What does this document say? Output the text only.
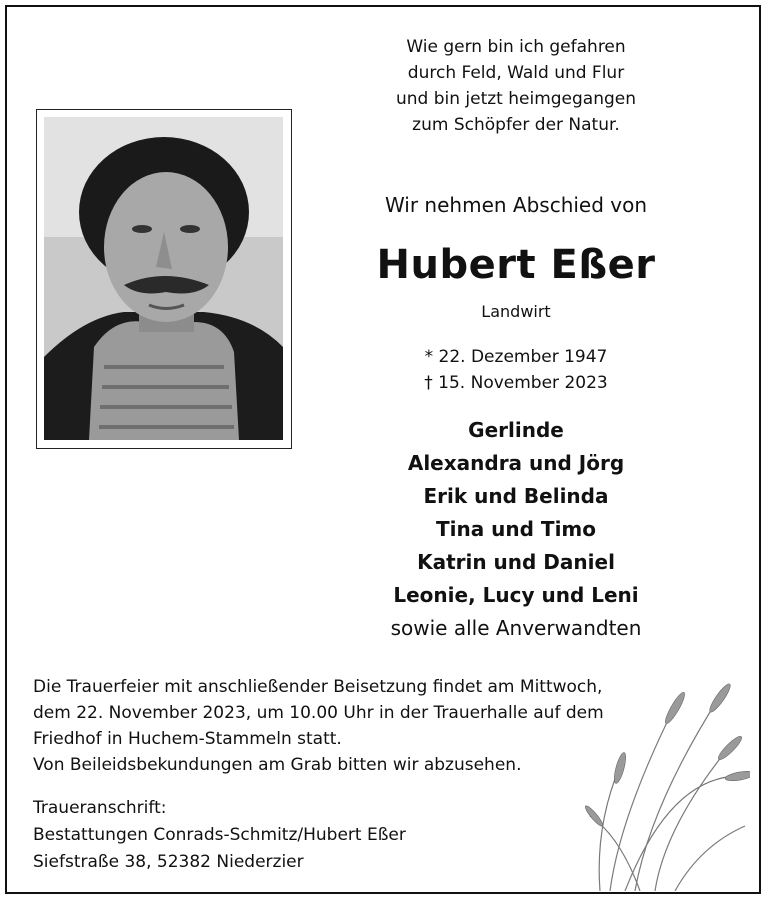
Wie gern bin ich gefahren
durch Feld, Wald und Flur
und bin jetzt heimgegangen
zum Schöpfer der Natur.
Wir nehmen Abschied von
Hubert Eßer
Landwirt
* 22. Dezember 1947
† 15. November 2023
Gerlinde
Alexandra und Jörg
Erik und Belinda
Tina und Timo
Katrin und Daniel
Leonie, Lucy und Leni
sowie alle Anverwandten
Die Trauerfeier mit anschließender Beisetzung findet am Mittwoch,
dem 22. November 2023, um 10.00 Uhr in der Trauerhalle auf dem
Friedhof in Huchem-Stammeln statt.
Von Beileidsbekundungen am Grab bitten wir abzusehen.
Traueranschrift:
Bestattungen Conrads-Schmitz/Hubert Eßer
Siefstraße 38, 52382 Niederzier
